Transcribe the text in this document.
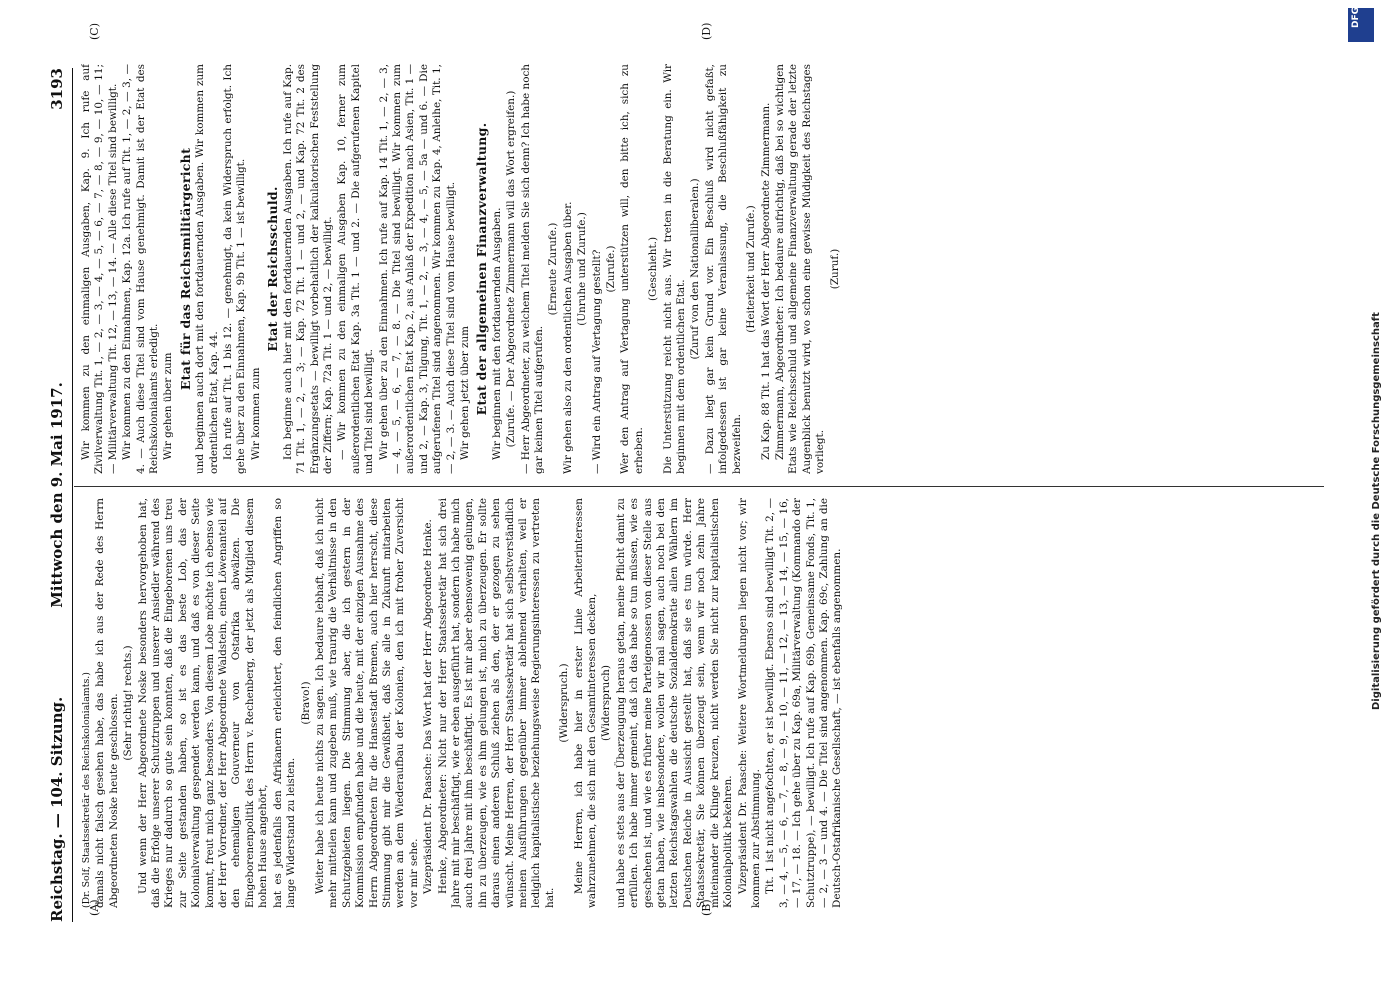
Reichstag. — 104. Sitzung.
Mittwoch den 9. Mai 1917.
3193
(A)	(B)
(C)	(D)

(Dr. Solf, Staatssekretär des Reichskolonialamts.) damals nicht falsch gesehen habe, das habe ich aus der Rede des Herrn Abgeordneten Noske heute geschlossen. (Sehr richtig! rechts.) Und wenn der Herr Abgeordnete Noske besonders hervorgehoben hat, daß die Erfolge unserer Schutztruppen und unserer Ansiedler während des Krieges nur dadurch so gute sein konnten, daß die Eingeborenen uns treu zur Seite gestanden haben, so ist es das beste Lob, das der Kolonialverwaltung gespendet werden kann, und daß es von dieser Seite kommt, freut mich ganz besonders. Von diesem Lobe möchte ich ebenso wie der Herr Vorredner, der Herr Abgeordnete Waldstein, einen Löwenanteil auf den ehemaligen Gouverneur von Ostafrika abwälzen. Die Eingeborenenpolitik des Herrn v. Rechenberg, der jetzt als Mitglied diesem hohen Hause angehört, hat es jedenfalls den Afrikanern erleichtert, den feindlichen Angriffen so lange Widerstand zu leisten.

(Bravo!) Weiter habe ich heute nichts zu sagen. Ich bedaure lebhaft, daß ich nicht mehr mitteilen kann und zugeben muß, wie traurig die Verhältnisse in den Schutzgebieten liegen. Die Stimmung aber, die ich gestern in der Kommission empfunden habe und die heute, mit der einzigen Ausnahme des Herrn Abgeordneten für die Hansestadt Bremen, auch hier herrscht, diese Stimmung gibt mir die Gewißheit, daß Sie alle in Zukunft mitarbeiten werden an dem Wiederaufbau der Kolonien, den ich mit froher Zuversicht vor mir sehe. Vizepräsident Dr. Paasche: Das Wort hat der Herr Abgeordnete Henke. Henke, Abgeordneter: Nicht nur der Herr Staatssekretär hat sich drei Jahre mit mir beschäftigt, wie er eben ausgeführt hat, sondern ich habe mich auch drei Jahre mit ihm beschäftigt. Es ist mir aber ebensowenig gelungen, ihn zu überzeugen, wie es ihm gelungen ist, mich zu überzeugen. Er sollte daraus einen anderen Schluß ziehen als den, der er gezogen zu sehen wünscht. Meine Herren, der Herr Staatssekretär hat sich selbstverständlich meinen Ausführungen gegenüber immer ablehnend verhalten, weil er lediglich kapitalistische beziehungsweise Regierungsinteressen zu vertreten hat.

(Widerspruch.) Meine Herren, ich habe hier in erster Linie Arbeiterinteressen wahrzunehmen, die sich mit den Gesamtinteressen decken, (Widerspruch) und habe es stets aus der Überzeugung heraus getan, meine Pflicht damit zu erfüllen. Ich habe immer gemeint, daß ich das habe so tun müssen, wie es geschehen ist, und wie es früher meine Parteigenossen von dieser Stelle aus getan haben, wie insbesondere, wollen wir mal sagen, auch noch bei den letzten Reichstagswahlen die deutsche Sozialdemokratie allen Wählern im Deutschen Reiche in Aussicht gestellt hat, daß sie es tun würde. Herr Staatssekretär, Sie können überzeugt sein, wenn wir noch zehn Jahre miteinander die Klinge kreuzen, nicht werden Sie nicht zur kapitalistischen Kolonialpolitik bekehren. Vizepräsident Dr. Paasche: Weitere Wortmeldungen liegen nicht vor; wir kommen zur Abstimmung. Tit. 1 ist nicht angefochten, er ist bewilligt. Ebenso sind bewilligt Tit. 2, — 3, — 4, — 5, — 6, — 7, — 8, — 9, — 10, — 11, — 12, — 13, — 14, — 15, — 16, — 17, — 18. — Ich gehe über zu Kap. 69a, Militärverwaltung (Kommando der Schutztruppe), — bewilligt. Ich rufe auf Kap. 69b, Gemeinsame Fonds, Tit. 1, — 2, — 3 — und 4. — Die Titel sind angenommen. Kap. 69c, Zahlung an die Deutsch-Ostafrikanische Gesellschaft, — ist ebenfalls angenommen.

Wir kommen zu den einmaligen Ausgaben, Kap. 9. Ich rufe auf Zivilverwaltung Tit. 1, — 2, — 3, — 4, — 5, — 6, — 7, — 8, — 9, — 10, — 11; — Militärverwaltung Tit. 12, — 13, — 14. — Alle diese Titel sind bewilligt. Wir kommen zu den Einnahmen, Kap. 12a. Ich rufe auf Tit. 1, — 2, — 3, — 4. — Auch diese Titel sind vom Hause genehmigt. Damit ist der Etat des Reichskolonialamts erledigt. Wir gehen über zum

Etat für das Reichsmilitärgericht und beginnen auch dort mit den fortdauernden Ausgaben. Wir kommen zum ordentlichen Etat, Kap. 44. Ich rufe auf Tit. 1 bis 12. — genehmigt, da kein Widerspruch erfolgt. Ich gehe über zu den Einnahmen, Kap. 9b Tit. 1 — ist bewilligt. Wir kommen zum

Etat der Reichsschuld. Ich beginne auch hier mit den fortdauernden Ausgaben. Ich rufe auf Kap. 71 Tit. 1, — 2, — 3; — Kap. 72 Tit. 1 — und 2, — und Kap. 72 Tit. 2 des Ergänzungsetats — bewilligt vorbehaltlich der kalkulatorischen Feststellung der Ziffern; Kap. 72a Tit. 1 — und 2, — bewilligt. — Wir kommen zu den einmaligen Ausgaben Kap. 10, ferner zum außerordentlichen Etat Kap. 3a Tit. 1 — und 2. — Die aufgerufenen Kapitel und Titel sind bewilligt. Wir gehen über zu den Einnahmen. Ich rufe auf Kap. 14 Tit. 1, — 2, — 3, — 4, — 5, — 6, — 7, — 8. — Die Titel sind bewilligt. Wir kommen zum außerordentlichen Etat Kap. 2, aus Anlaß der Expedition nach Asien, Tit. 1 — und 2, — Kap. 3, Tilgung, Tit. 1, — 2, — 3, — 4, — 5, — 5a — und 6. — Die aufgerufenen Titel sind angenommen. Wir kommen zu Kap. 4, Anleihe, Tit. 1, — 2, — 3. — Auch diese Titel sind vom Hause bewilligt. Wir gehen jetzt über zum Etat der allgemeinen Finanzverwaltung. Wir beginnen mit den fortdauernden Ausgaben. (Zurufe. — Der Abgeordnete Zimmermann will das Wort ergreifen.) — Herr Abgeordneter, zu welchem Titel melden Sie sich denn? Ich habe noch gar keinen Titel aufgerufen.

(Erneute Zurufe.) Wir gehen also zu den ordentlichen Ausgaben über. (Unruhe und Zurufe.) — Wird ein Antrag auf Vertagung gestellt? (Zurufe.) Wer den Antrag auf Vertagung unterstützen will, den bitte ich, sich zu erheben.

(Geschieht.) Die Unterstützung reicht nicht aus. Wir treten in die Beratung ein. Wir beginnen mit dem ordentlichen Etat.

(Zuruf von den Nationalliberalen.) — Dazu liegt gar kein Grund vor. Ein Beschluß wird nicht gefaßt, infolgedessen ist gar keine Veranlassung, die Beschlußfähigkeit zu bezweifeln.

(Heiterkeit und Zurufe.) Zu Kap. 88 Tit. 1 hat das Wort der Herr Abgeordnete Zimmermann. Zimmermann, Abgeordneter: Ich bedaure aufrichtig, daß bei so wichtigen Etats wie Reichsschuld und allgemeine Finanzverwaltung gerade der letzte Augenblick benutzt wird, wo schon eine gewisse Müdigkeit des Reichstages vorliegt.

(Zuruf.)

DFG
Digitalisierung gefördert durch die Deutsche Forschungsgemeinschaft
